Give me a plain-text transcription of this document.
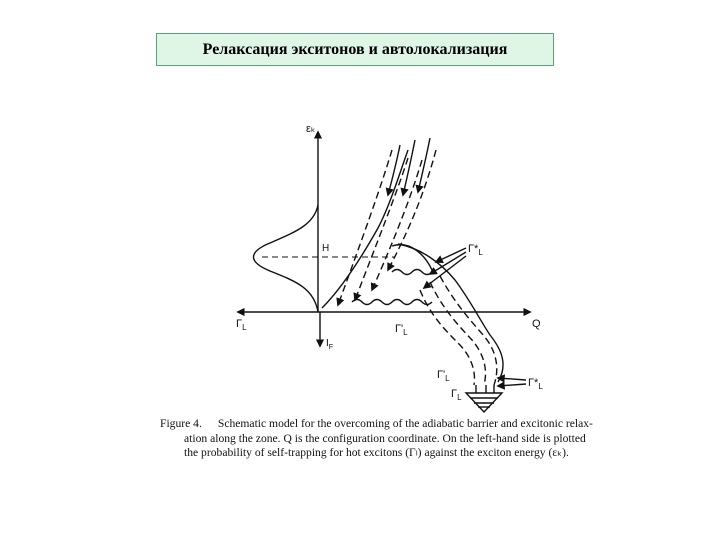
Релаксация экситонов и автолокализация
εₖ
Q
$\Gamma_L$
H
$I_F$
$\Gamma*_L$
$\Gamma'_L$
$\Gamma'_L$
$\Gamma_L$
$\Gamma*_L$
Figure 4. Schematic model for the overcoming of the adiabatic barrier and excitonic relax-
ation along the zone. Q is the configuration coordinate. On the left-hand side is plotted
the probability of self-trapping for hot excitons (Γₗ) against the exciton energy (εₖ).
